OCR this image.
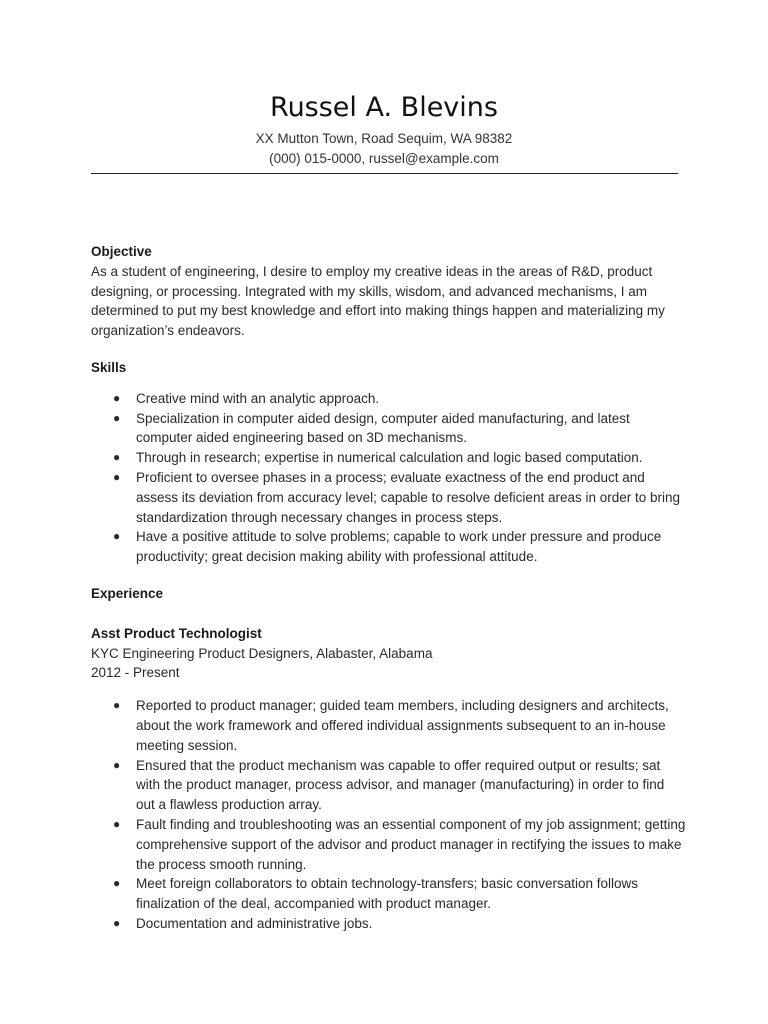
Russel A. Blevins
XX Mutton Town, Road Sequim, WA 98382
(000) 015-0000, russel@example.com

Objective

As a student of engineering, I desire to employ my creative ideas in the areas of R&D, product designing, or processing. Integrated with my skills, wisdom, and advanced mechanisms, I am determined to put my best knowledge and effort into making things happen and materializing my organization’s endeavors.

Skills

● Creative mind with an analytic approach.
● Specialization in computer aided design, computer aided manufacturing, and latest computer aided engineering based on 3D mechanisms.
● Through in research; expertise in numerical calculation and logic based computation.
● Proficient to oversee phases in a process; evaluate exactness of the end product and assess its deviation from accuracy level; capable to resolve deficient areas in order to bring standardization through necessary changes in process steps.
● Have a positive attitude to solve problems; capable to work under pressure and produce productivity; great decision making ability with professional attitude.

Experience

Asst Product Technologist

KYC Engineering Product Designers, Alabaster, Alabama

2012 - Present

● Reported to product manager; guided team members, including designers and architects, about the work framework and offered individual assignments subsequent to an in-house meeting session.
● Ensured that the product mechanism was capable to offer required output or results; sat with the product manager, process advisor, and manager (manufacturing) in order to find out a flawless production array.
● Fault finding and troubleshooting was an essential component of my job assignment; getting comprehensive support of the advisor and product manager in rectifying the issues to make the process smooth running.
● Meet foreign collaborators to obtain technology-transfers; basic conversation follows finalization of the deal, accompanied with product manager.
● Documentation and administrative jobs.
